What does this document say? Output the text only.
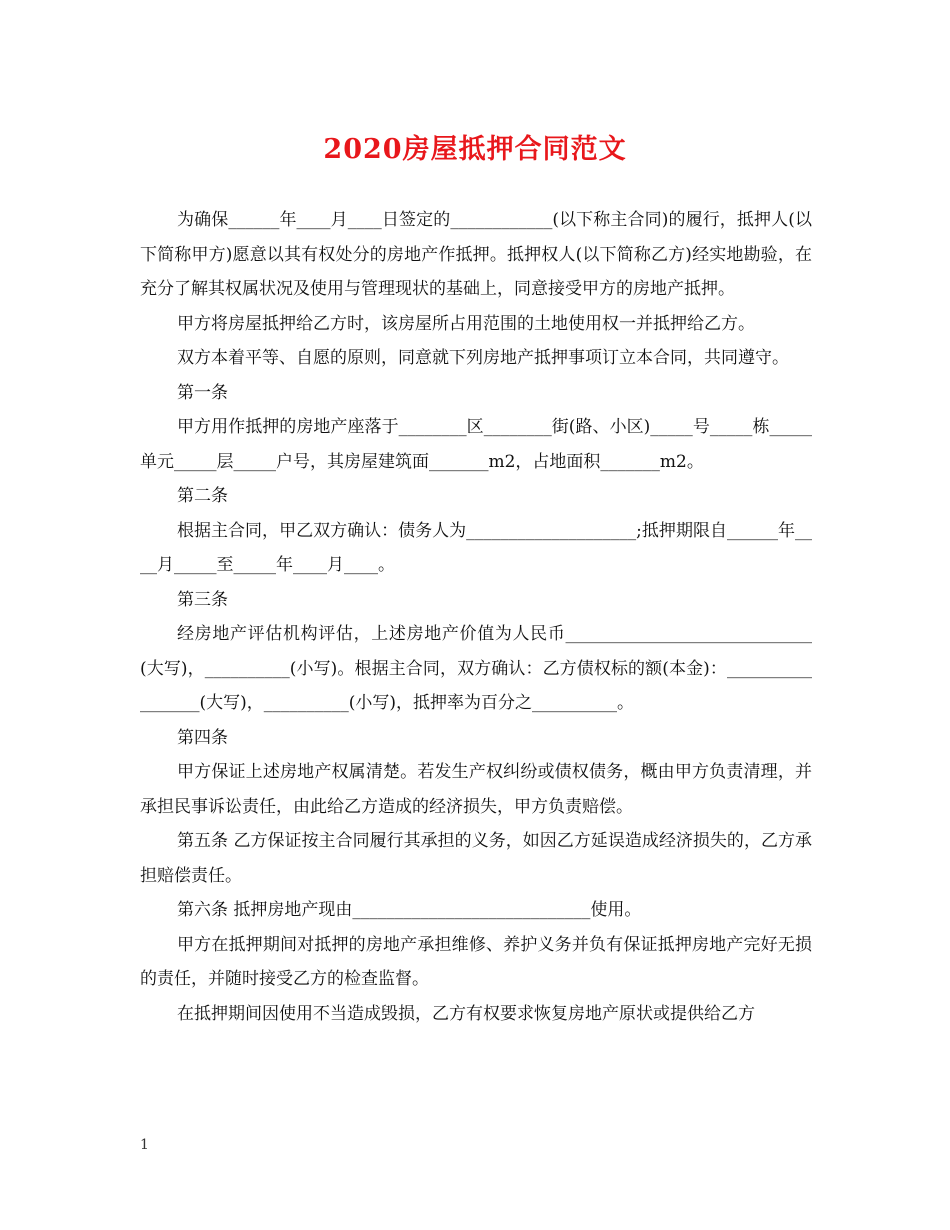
2020房屋抵押合同范文

为确保______年____月____日签定的____________(以下称主合同)的履行，抵押人(以下简称甲方)愿意以其有权处分的房地产作抵押。抵押权人(以下简称乙方)经实地勘验，在充分了解其权属状况及使用与管理现状的基础上，同意接受甲方的房地产抵押。

甲方将房屋抵押给乙方时，该房屋所占用范围的土地使用权一并抵押给乙方。

双方本着平等、自愿的原则，同意就下列房地产抵押事项订立本合同，共同遵守。

第一条

甲方用作抵押的房地产座落于________区________街(路、小区)_____号_____栋_____单元_____层_____户号，其房屋建筑面_______m2，占地面积_______m2。

第二条

根据主合同，甲乙双方确认：债务人为____________________;抵押期限自______年____月_____至_____年____月____。

第三条

经房地产评估机构评估，上述房地产价值为人民币_____________________________(大写)，__________(小写)。根据主合同，双方确认：乙方债权标的额(本金)：_________________(大写)，__________(小写)，抵押率为百分之__________。

第四条

甲方保证上述房地产权属清楚。若发生产权纠纷或债权债务，概由甲方负责清理，并承担民事诉讼责任，由此给乙方造成的经济损失，甲方负责赔偿。

第五条 乙方保证按主合同履行其承担的义务，如因乙方延误造成经济损失的，乙方承担赔偿责任。

第六条 抵押房地产现由____________________________使用。

甲方在抵押期间对抵押的房地产承担维修、养护义务并负有保证抵押房地产完好无损的责任，并随时接受乙方的检查监督。

在抵押期间因使用不当造成毁损，乙方有权要求恢复房地产原状或提供给乙方

1
